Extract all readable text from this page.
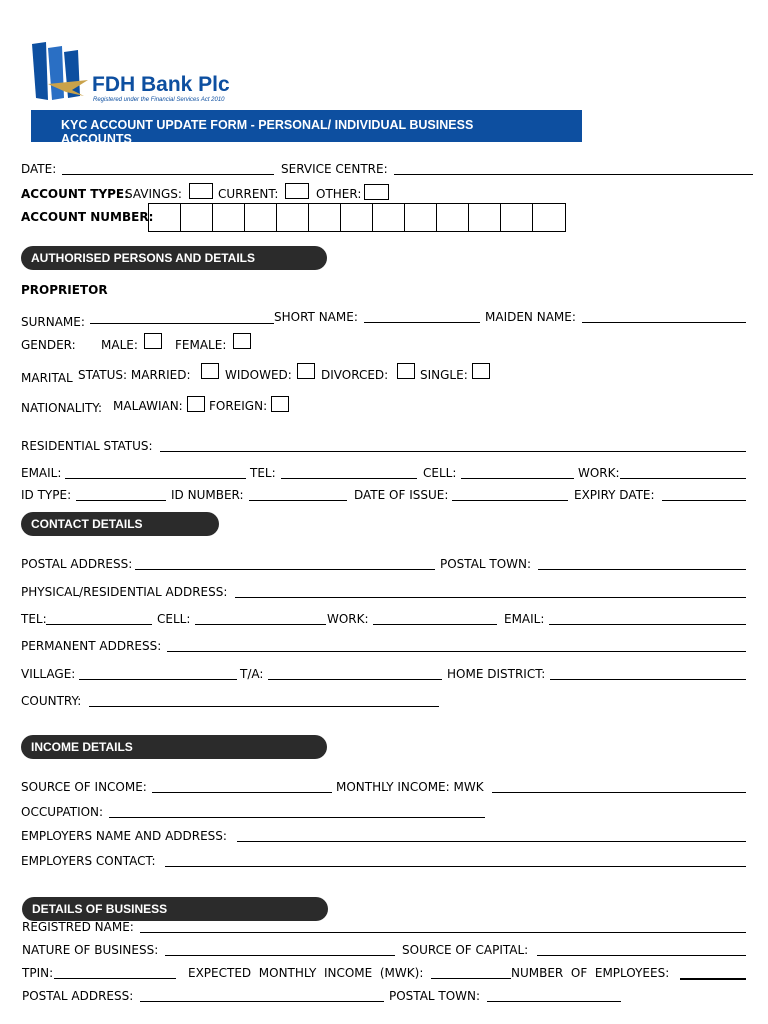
FDH Bank Plc
Registered under the Financial Services Act 2010
KYC ACCOUNT UPDATE FORM - PERSONAL/ INDIVIDUAL BUSINESS
ACCOUNTS
DATE:	SERVICE CENTRE:
ACCOUNT TYPE:
SAVINGS:	CURRENT:	OTHER:
ACCOUNT NUMBER:
AUTHORISED PERSONS AND DETAILS
PROPRIETOR
SURNAME:	SHORT NAME:	MAIDEN NAME:
GENDER: MALE:	FEMALE:
MARITAL STATUS: MARRIED:	WIDOWED: DIVORCED:	SINGLE:
NATIONALITY: MALAWIAN: FOREIGN:
RESIDENTIAL STATUS:
EMAIL:	TEL:	CELL:	WORK:
ID TYPE:	ID NUMBER:	DATE OF ISSUE:	EXPIRY DATE:
CONTACT DETAILS
POSTAL ADDRESS:	POSTAL TOWN:
PHYSICAL/RESIDENTIAL ADDRESS:
TEL:	CELL:	WORK:	EMAIL:
PERMANENT ADDRESS:
VILLAGE:	T/A:	HOME DISTRICT:
COUNTRY:
INCOME DETAILS
SOURCE OF INCOME:	MONTHLY INCOME: MWK
OCCUPATION:
EMPLOYERS NAME AND ADDRESS:
EMPLOYERS CONTACT:
DETAILS OF BUSINESS
REGISTRED NAME:
NATURE OF BUSINESS:	SOURCE OF CAPITAL:
TPIN:	EXPECTED  MONTHLY  INCOME  (MWK):	NUMBER  OF  EMPLOYEES:
POSTAL ADDRESS:	POSTAL TOWN:
